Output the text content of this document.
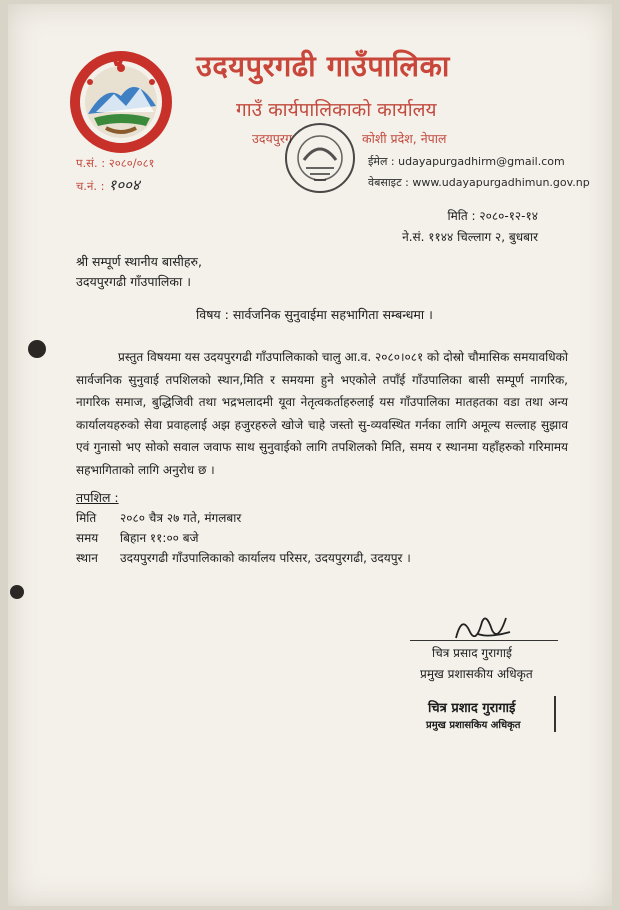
उदयपुरगढी गाउँपालिका
गाउँ कार्यपालिकाको कार्यालय
उदयपुरग	कोशी प्रदेश, नेपाल
ईमेल : udayapurgadhirm@gmail.com
वेबसाइट : www.udayapurgadhimun.gov.np
प.सं. : २०८०/०८१
च.नं. : १००४
मिति : २०८०-१२-१४
ने.सं. ११४४ चिल्लाग २, बुधबार
श्री सम्पूर्ण स्थानीय बासीहरु,
उदयपुरगढी गाँउपालिका ।
विषय : सार्वजनिक सुनुवाईमा सहभागिता सम्बन्धमा ।
प्रस्तुत विषयमा यस उदयपुरगढी गाँउपालिकाको चालु आ.व. २०८०।०८१ को दोस्रो चौमासिक समयावधिको सार्वजनिक सुनुवाई तपशिलको स्थान,मिति र समयमा हुने भएकोले तपाँई गाँउपालिका बासी सम्पूर्ण नागरिक, नागरिक समाज, बुद्धिजिवी तथा भद्रभलादमी यूवा नेतृत्वकर्ताहरुलाई यस गाँउपालिका मातहतका वडा तथा अन्य कार्यालयहरुको सेवा प्रवाहलाई अझ हजुरहरुले खोजे चाहे जस्तो सु-व्यवस्थित गर्नका लागि अमूल्य सल्लाह सुझाव एवं गुनासो भए सोको सवाल जवाफ साथ सुनुवाईको लागि तपशिलको मिति, समय र स्थानमा यहाँहरुको गरिमामय सहभागिताको लागि अनुरोध छ ।
तपशिल :
मिति २०८० चैत्र २७ गते, मंगलबार
समय बिहान ११:०० बजे
स्थान उदयपुरगढी गाँउपालिकाको कार्यालय परिसर, उदयपुरगढी, उदयपुर ।
चित्र प्रसाद गुरागाई
प्रमुख प्रशासकीय अधिकृत
चित्र प्रशाद गुरागाई
प्रमुख प्रशासकिय अधिकृत
